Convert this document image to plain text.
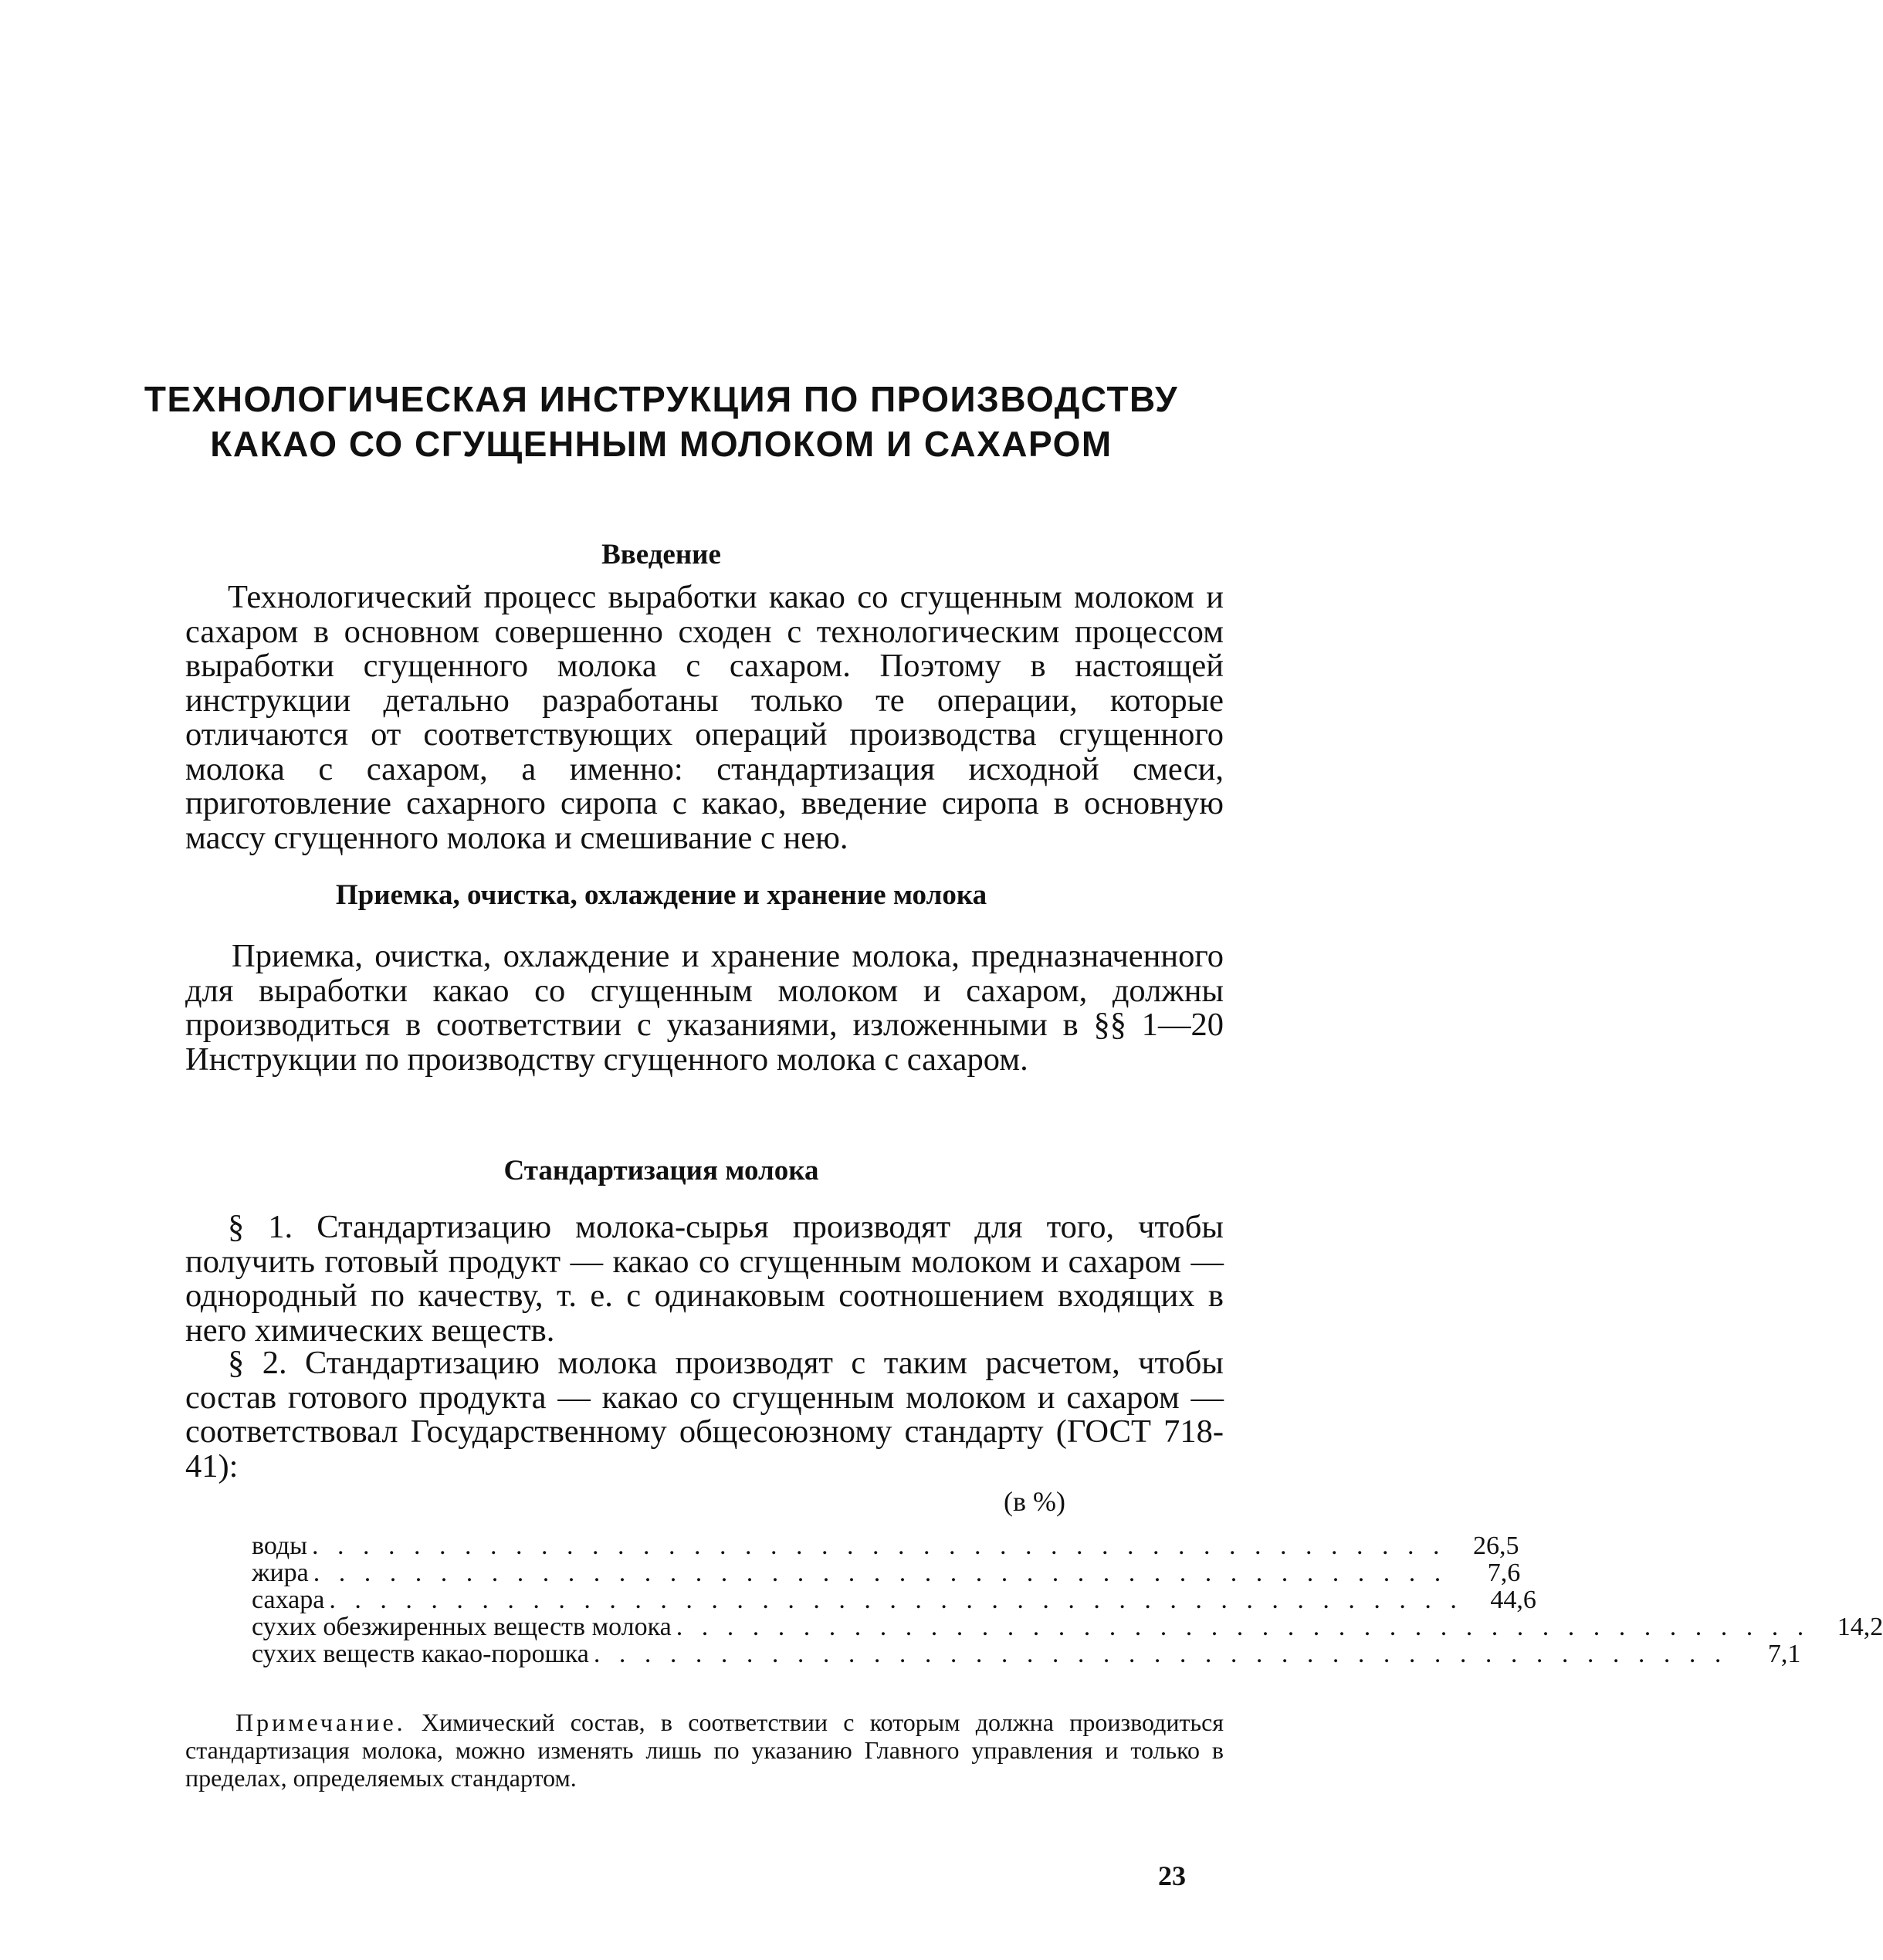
ТЕХНОЛОГИЧЕСКАЯ ИНСТРУКЦИЯ ПО ПРОИЗВОДСТВУ
КАКАО СО СГУЩЕННЫМ МОЛОКОМ И САХАРОМ
Введение
Технологический процесс выработки какао со сгущенным молоком и сахаром в основном совершенно сходен с технологическим процессом выработки сгущенного молока с сахаром. Поэтому в настоящей инструкции детально разработаны только те операции, которые отличаются от соответствующих операций производства сгущенного молока с сахаром, а именно: стандартизация исходной смеси, приготовление сахарного сиропа с какао, введение сиропа в основную массу сгущенного молока и смешивание с нею.
Приемка, очистка, охлаждение и хранение молока
Приемка, очистка, охлаждение и хранение молока, предназначенного для выработки какао со сгущенным молоком и сахаром, должны производиться в соответствии с указаниями, изложенными в §§ 1—20 Инструкции по производству сгущенного молока с сахаром.
Стандартизация молока
§ 1. Стандартизацию молока-сырья производят для того, чтобы получить готовый продукт — какао со сгущенным молоком и сахаром — однородный по качеству, т. е. с одинаковым соотношением входящих в него химических веществ.
§ 2. Стандартизацию молока производят с таким расчетом, чтобы состав готового продукта — какао со сгущенным молоком и сахаром — соответствовал Государственному общесоюзному стандарту (ГОСТ 718-41):
(в %)
воды . . . . . . . . . . . . . . . . . . . . . . . . . . . . . . . . . . . . . . . . . . . . .	26,5
жира . . . . . . . . . . . . . . . . . . . . . . . . . . . . . . . . . . . . . . . . . . . . .	7,6
сахара . . . . . . . . . . . . . . . . . . . . . . . . . . . . . . . . . . . . . . . . . . . . .	44,6
сухих обезжиренных веществ молока . . . . . . . . . . . . . . . . . . . . . . . . . . . . . . . . . . . . . . . . . . . . .	14,2
сухих веществ какао-порошка . . . . . . . . . . . . . . . . . . . . . . . . . . . . . . . . . . . . . . . . . . . . .	7,1
Примечание. Химический состав, в соответствии с которым должна производиться стандартизация молока, можно изменять лишь по указанию Главного управления и только в пределах, определяемых стандартом.
23
